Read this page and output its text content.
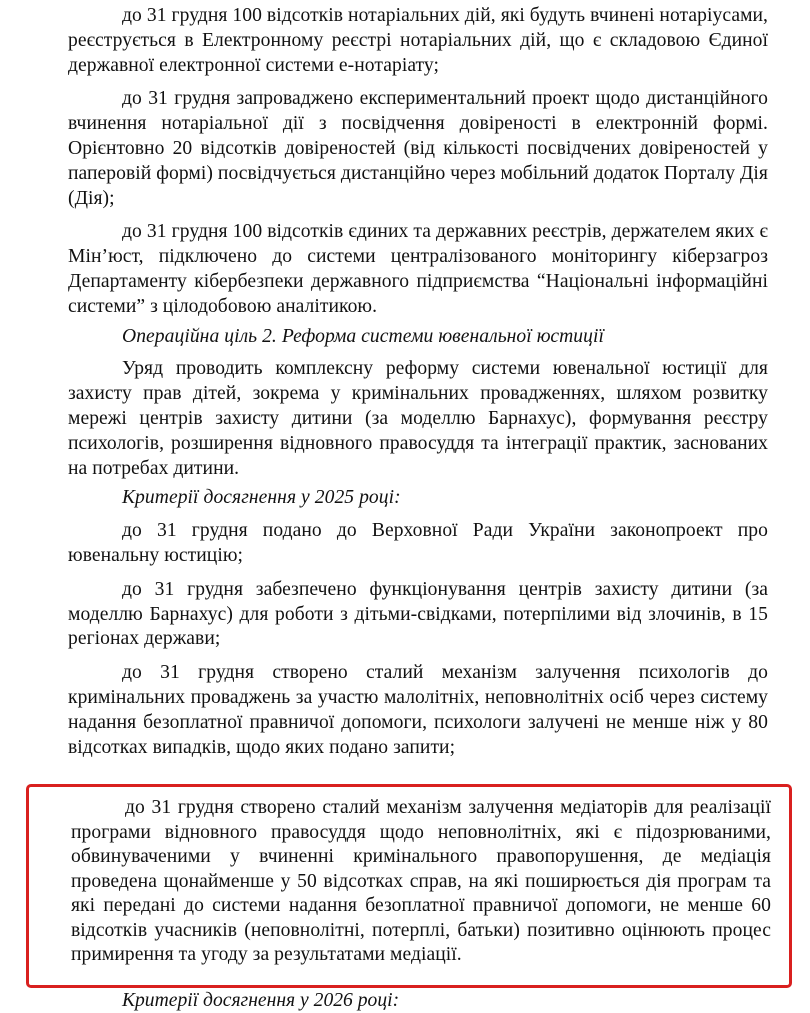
до 31 грудня 100 відсотків нотаріальних дій, які будуть вчинені нотаріусами, реєструється в Електронному реєстрі нотаріальних дій, що є складовою Єдиної державної електронної системи е-нотаріату;

до 31 грудня запроваджено експериментальний проект щодо дистанційного вчинення нотаріальної дії з посвідчення довіреності в електронній формі. Орієнтовно 20 відсотків довіреностей (від кількості посвідчених довіреностей у паперовій формі) посвідчується дистанційно через мобільний додаток Порталу Дія (Дія);

до 31 грудня 100 відсотків єдиних та державних реєстрів, держателем яких є Мін’юст, підключено до системи централізованого моніторингу кіберзагроз Департаменту кібербезпеки державного підприємства “Національні інформаційні системи” з цілодобовою аналітикою.

Операційна ціль 2. Реформа системи ювенальної юстиції

Уряд проводить комплексну реформу системи ювенальної юстиції для захисту прав дітей, зокрема у кримінальних провадженнях, шляхом розвитку мережі центрів захисту дитини (за моделлю Барнахус), формування реєстру психологів, розширення відновного правосуддя та інтеграції практик, заснованих на потребах дитини.

Критерії досягнення у 2025 році:

до 31 грудня подано до Верховної Ради України законопроект про ювенальну юстицію;

до 31 грудня забезпечено функціонування центрів захисту дитини (за моделлю Барнахус) для роботи з дітьми-свідками, потерпілими від злочинів, в 15 регіонах держави;

до 31 грудня створено сталий механізм залучення психологів до кримінальних проваджень за участю малолітніх, неповнолітніх осіб через систему надання безоплатної правничої допомоги, психологи залучені не менше ніж у 80 відсотках випадків, щодо яких подано запити;

до 31 грудня створено сталий механізм залучення медіаторів для реалізації програми відновного правосуддя щодо неповнолітніх, які є підозрюваними, обвинуваченими у вчиненні кримінального правопорушення, де медіація проведена щонайменше у 50 відсотках справ, на які поширюється дія програм та які передані до системи надання безоплатної правничої допомоги, не менше 60 відсотків учасників (неповнолітні, потерплі, батьки) позитивно оцінюють процес примирення та угоду за результатами медіації.

Критерії досягнення у 2026 році:
